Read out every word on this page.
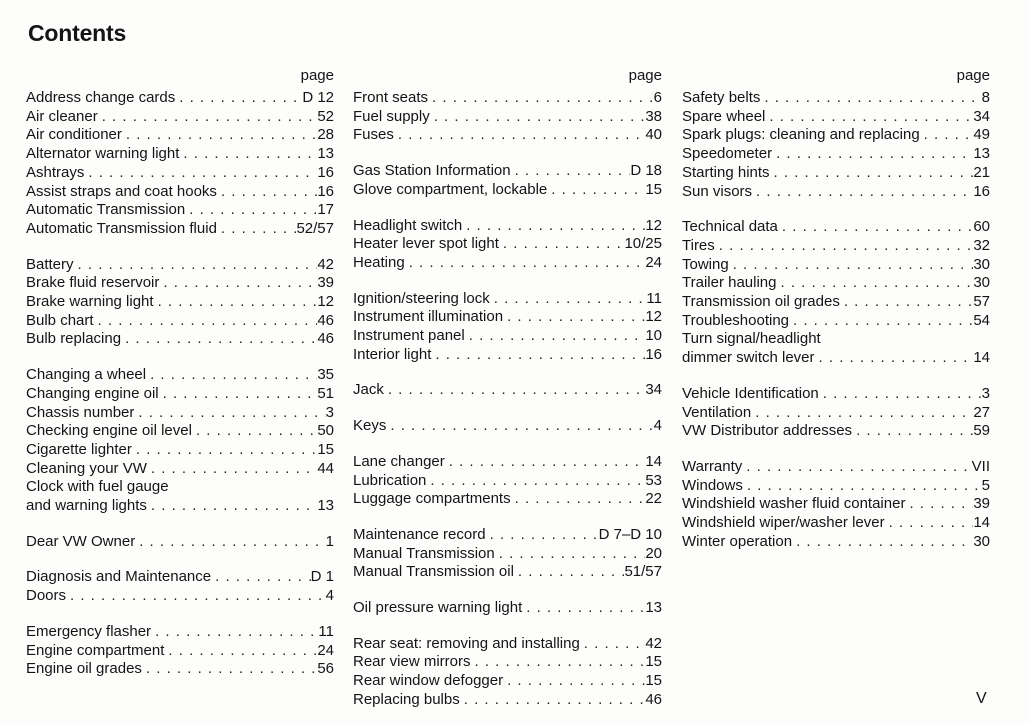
Contents
page
Address change cards . . .	D 12
Air cleaner . . .	52
Air conditioner . . .	28
Alternator warning light . . .	13
Ashtrays . . .	16
Assist straps and coat hooks . . .	16
Automatic Transmission . . .	17
Automatic Transmission fluid . . .	52/57
Battery . . .	42
Brake fluid reservoir . . .	39
Brake warning light . . .	12
Bulb chart . . .	46
Bulb replacing . . .	46
Changing a wheel . . .	35
Changing engine oil . . .	51
Chassis number . . .	3
Checking engine oil level . . .	50
Cigarette lighter . . .	15
Cleaning your VW . . .	44
Clock with fuel gauge
and warning lights . . .	13
Dear VW Owner . . .	1
Diagnosis and Maintenance . . .	D 1
Doors . . .	4
Emergency flasher . . .	11
Engine compartment . . .	24
Engine oil grades . . .	56
page
Front seats . . .	6
Fuel supply . . .	38
Fuses . . .	40
Gas Station Information . . .	D 18
Glove compartment, lockable . . .	15
Headlight switch . . .	12
Heater lever spot light . . .	10/25
Heating . . .	24
Ignition/steering lock . . .	11
Instrument illumination . . .	12
Instrument panel . . .	10
Interior light . . .	16
Jack . . .	34
Keys . . .	4
Lane changer . . .	14
Lubrication . . .	53
Luggage compartments . . .	22
Maintenance record . . .	D 7–D 10
Manual Transmission . . .	20
Manual Transmission oil . . .	51/57
Oil pressure warning light . . .	13
Rear seat: removing and installing . . .	42
Rear view mirrors . . .	15
Rear window defogger . . .	15
Replacing bulbs . . .	46
page
Safety belts . . .	8
Spare wheel . . .	34
Spark plugs: cleaning and replacing . . .	49
Speedometer . . .	13
Starting hints . . .	21
Sun visors . . .	16
Technical data . . .	60
Tires . . .	32
Towing . . .	30
Trailer hauling . . .	30
Transmission oil grades . . .	57
Troubleshooting . . .	54
Turn signal/headlight
dimmer switch lever . . .	14
Vehicle Identification . . .	3
Ventilation . . .	27
VW Distributor addresses . . .	59
Warranty . . .	VII
Windows . . .	5
Windshield washer fluid container . . .	39
Windshield wiper/washer lever . . .	14
Winter operation . . .	30
V
